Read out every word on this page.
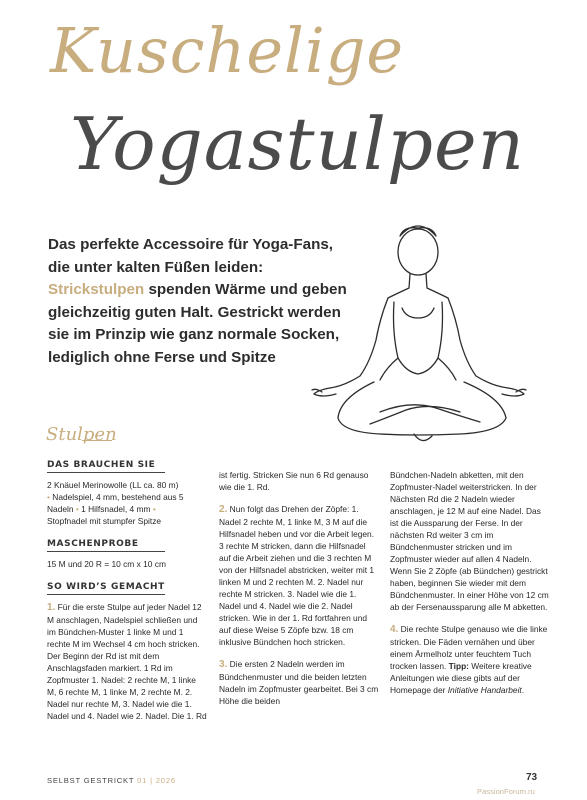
Kuschelige
Yogastulpen
Das perfekte Accessoire für Yoga-Fans, die unter kalten Füßen leiden: Strickstulpen spenden Wärme und geben gleichzeitig guten Halt. Gestrickt werden sie im Prinzip wie ganz normale Socken, lediglich ohne Ferse und Spitze
Stulpen
DAS BRAUCHEN SIE

2 Knäuel Merinowolle (LL ca. 80 m)
• Nadelspiel, 4 mm, bestehend aus 5 Nadeln • 1 Hilfsnadel, 4 mm •
Stopfnadel mit stumpfer Spitze

MASCHENPROBE

15 M und 20 R = 10 cm x 10 cm

SO WIRD’S GEMACHT

1. Für die erste Stulpe auf jeder Nadel 12 M anschlagen, Nadelspiel schließen und im Bündchen-Muster 1 linke M und 1 rechte M im Wechsel 4 cm hoch stricken. Der Beginn der Rd ist mit dem Anschlagsfaden markiert. 1 Rd im Zopfmuster 1. Nadel: 2 rechte M, 1 linke M, 6 rechte M, 1 linke M, 2 rechte M. 2. Nadel nur rechte M, 3. Nadel wie die 1. Nadel und 4. Nadel wie 2. Nadel. Die 1. Rd

ist fertig. Stricken Sie nun 6 Rd genauso wie die 1. Rd.

2. Nun folgt das Drehen der Zöpfe: 1. Nadel 2 rechte M, 1 linke M, 3 M auf die Hilfsnadel heben und vor die Arbeit legen. 3 rechte M stricken, dann die Hilfsnadel auf die Arbeit ziehen und die 3 rechten M von der Hilfsnadel abstricken, weiter mit 1 linken M und 2 rechten M. 2. Nadel nur rechte M stricken. 3. Nadel wie die 1. Nadel und 4. Nadel wie die 2. Nadel stricken. Wie in der 1. Rd fortfahren und auf diese Weise 5 Zöpfe bzw. 18 cm inklusive Bündchen hoch stricken.

3. Die ersten 2 Nadeln werden im Bündchenmuster und die beiden letzten Nadeln im Zopfmuster gearbeitet. Bei 3 cm Höhe die beiden

Bündchen-Nadeln abketten, mit den Zopfmuster-Nadel weiterstricken. In der Nächsten Rd die 2 Nadeln wieder anschlagen, je 12 M auf eine Nadel. Das ist die Aussparung der Ferse. In der nächsten Rd weiter 3 cm im Bündchenmuster stricken und im Zopfmuster wieder auf allen 4 Nadeln. Wenn Sie 2 Zöpfe (ab Bündchen) gestrickt haben, beginnen Sie wieder mit dem Bündchenmuster. In einer Höhe von 12 cm ab der Fersenaussparung alle M abketten.

4. Die rechte Stulpe genauso wie die linke stricken. Die Fäden vernähen und über einem Ärmelholz unter feuchtem Tuch trocken lassen. Tipp: Weitere kreative Anleitungen wie diese gibts auf der Homepage der Initiative Handarbeit.

SELBST GESTRICKT 01 | 2026	73
PassionForum.ru
